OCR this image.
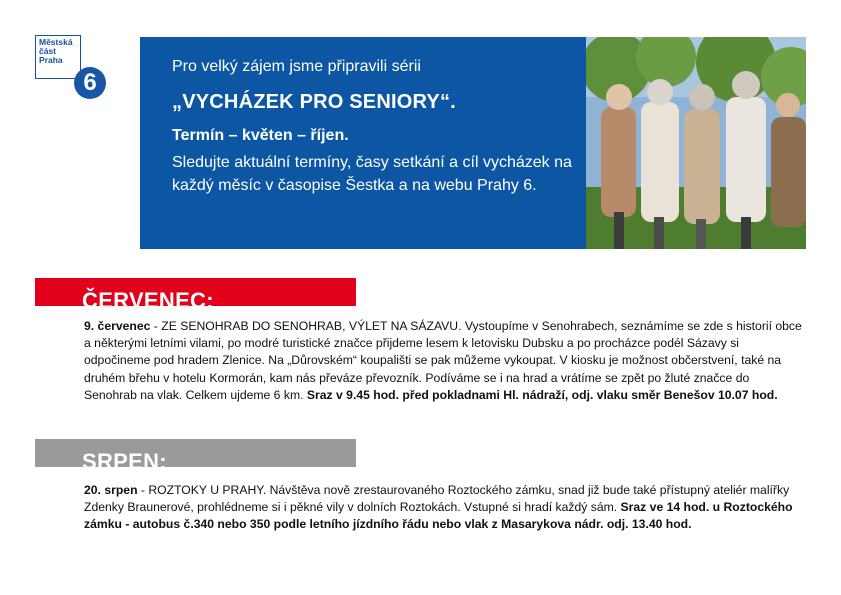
Městská
část
Praha
6
Pro velký zájem jsme připravili sérii
„VYCHÁZEK PRO SENIORY“.
Termín – květen – říjen.
Sledujte aktuální termíny, časy setkání a cíl vycházek na každý měsíc v časopise Šestka a na webu Prahy 6.
ČERVENEC:
9. červenec - ZE SENOHRAB DO SENOHRAB, VÝLET NA SÁZAVU. Vystoupíme v Senohrabech, seznámíme se zde s historií obce a některými letními vilami, po modré turistické značce přijdeme lesem k letovisku Dubsku a po procházce podél Sázavy si odpočineme pod hradem Zlenice. Na „Důrovském“ koupališti se pak můžeme vykoupat. V kiosku je možnost občerstvení, také na druhém břehu v hotelu Kormorán, kam nás převáze převozník. Podíváme se i na hrad a vrátíme se zpět po žluté značce do Senohrab na vlak. Celkem ujdeme 6 km. Sraz v 9.45 hod. před pokladnami Hl. nádraží, odj. vlaku směr Benešov 10.07 hod.
SRPEN:
20. srpen - ROZTOKY U PRAHY. Návštěva nově zrestaurovaného Roztockého zámku, snad již bude také přístupný ateliér malířky Zdenky Braunerové, prohlédneme si i pěkné vily v dolních Roztokách. Vstupné si hradí každý sám. Sraz ve 14 hod. u Roztockého zámku - autobus č.340 nebo 350 podle letního jízdního řádu nebo vlak z Masarykova nádr. odj. 13.40 hod.
